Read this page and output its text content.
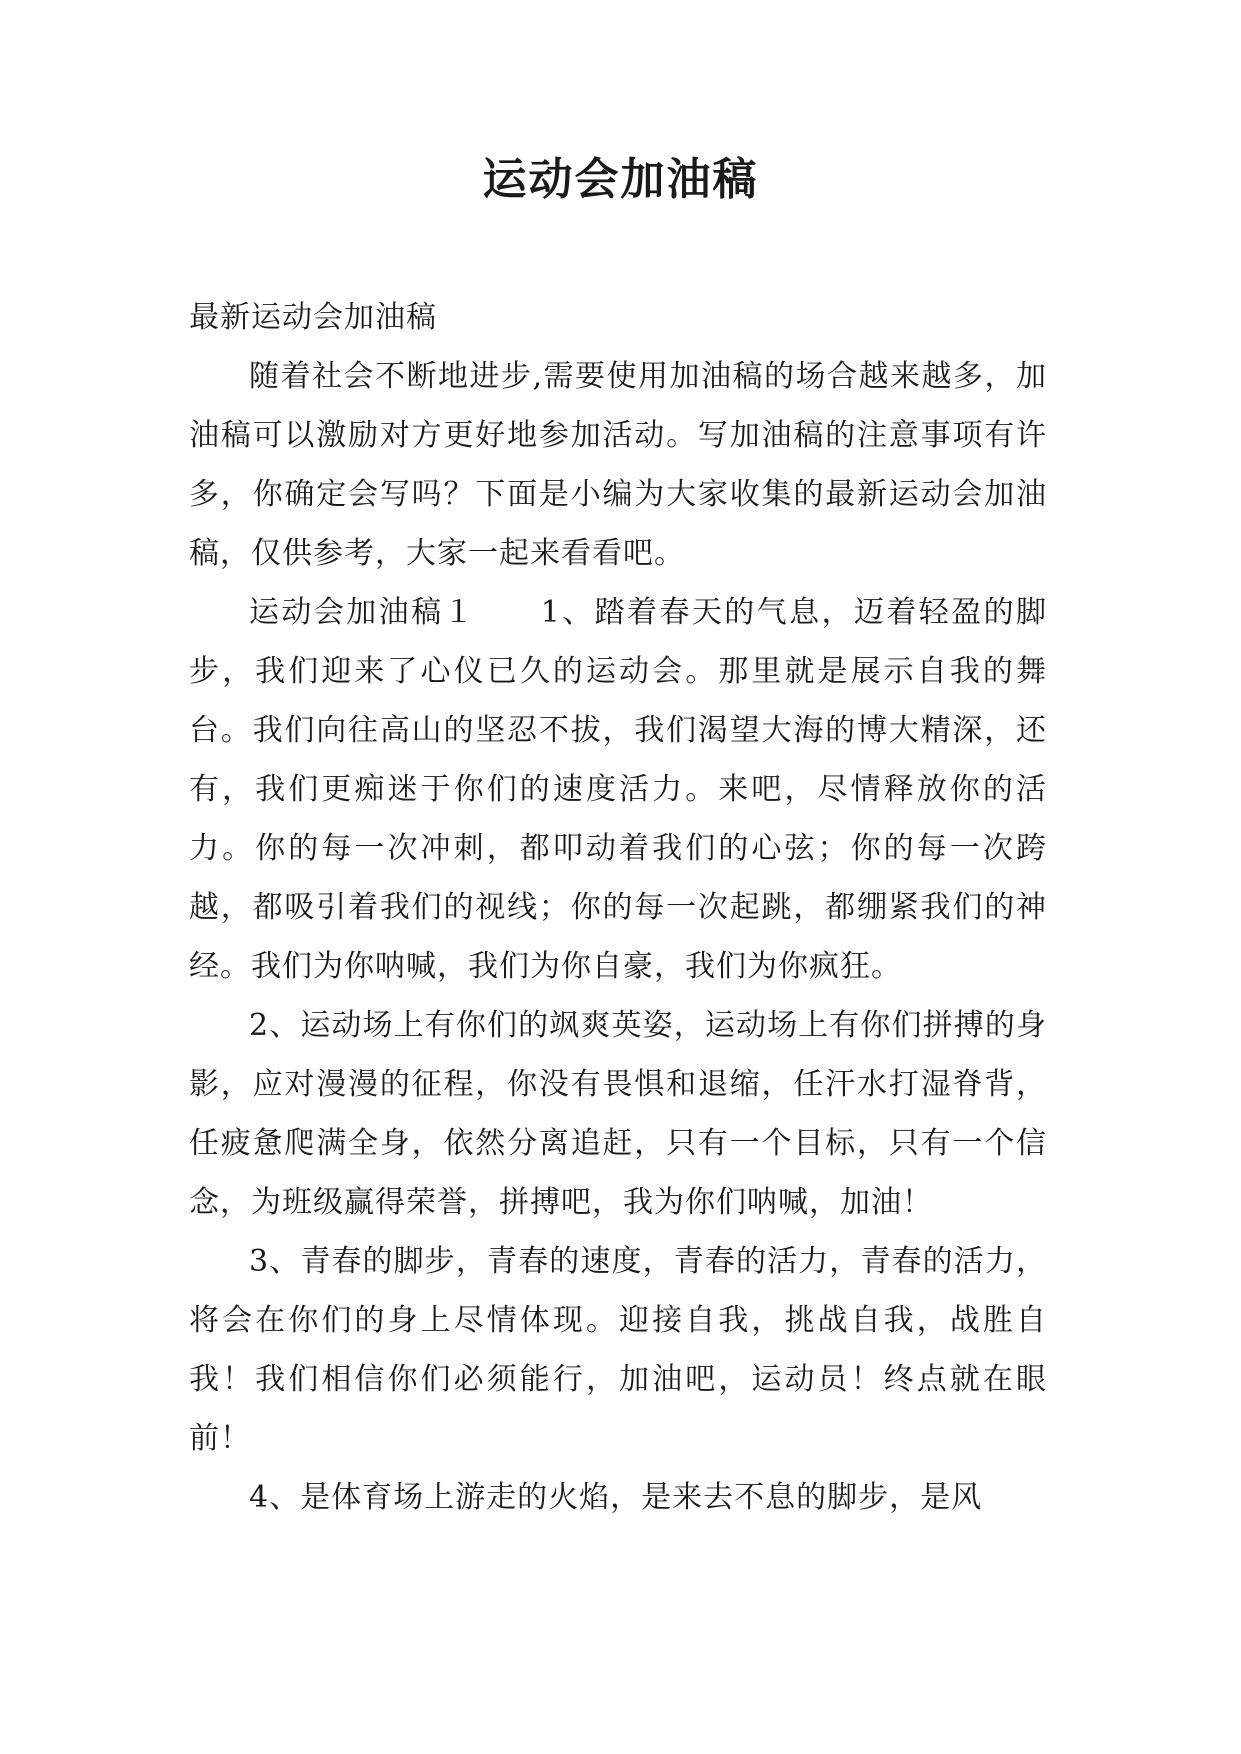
运动会加油稿

最新运动会加油稿

随着社会不断地进步,需要使用加油稿的场合越来越多，加油稿可以激励对方更好地参加活动。写加油稿的注意事项有许多，你确定会写吗？下面是小编为大家收集的最新运动会加油稿，仅供参考，大家一起来看看吧。

运动会加油稿１　　1、踏着春天的气息，迈着轻盈的脚步，我们迎来了心仪已久的运动会。那里就是展示自我的舞台。我们向往高山的坚忍不拔，我们渴望大海的博大精深，还有，我们更痴迷于你们的速度活力。来吧，尽情释放你的活力。你的每一次冲刺，都叩动着我们的心弦；你的每一次跨越，都吸引着我们的视线；你的每一次起跳，都绷紧我们的神经。我们为你呐喊，我们为你自豪，我们为你疯狂。

2、运动场上有你们的飒爽英姿，运动场上有你们拼搏的身影，应对漫漫的征程，你没有畏惧和退缩，任汗水打湿脊背，任疲惫爬满全身，依然分离追赶，只有一个目标，只有一个信念，为班级赢得荣誉，拼搏吧，我为你们呐喊，加油！

3、青春的脚步，青春的速度，青春的活力，青春的活力，将会在你们的身上尽情体现。迎接自我，挑战自我，战胜自我！我们相信你们必须能行，加油吧，运动员！终点就在眼前！

4、是体育场上游走的火焰，是来去不息的脚步，是风
